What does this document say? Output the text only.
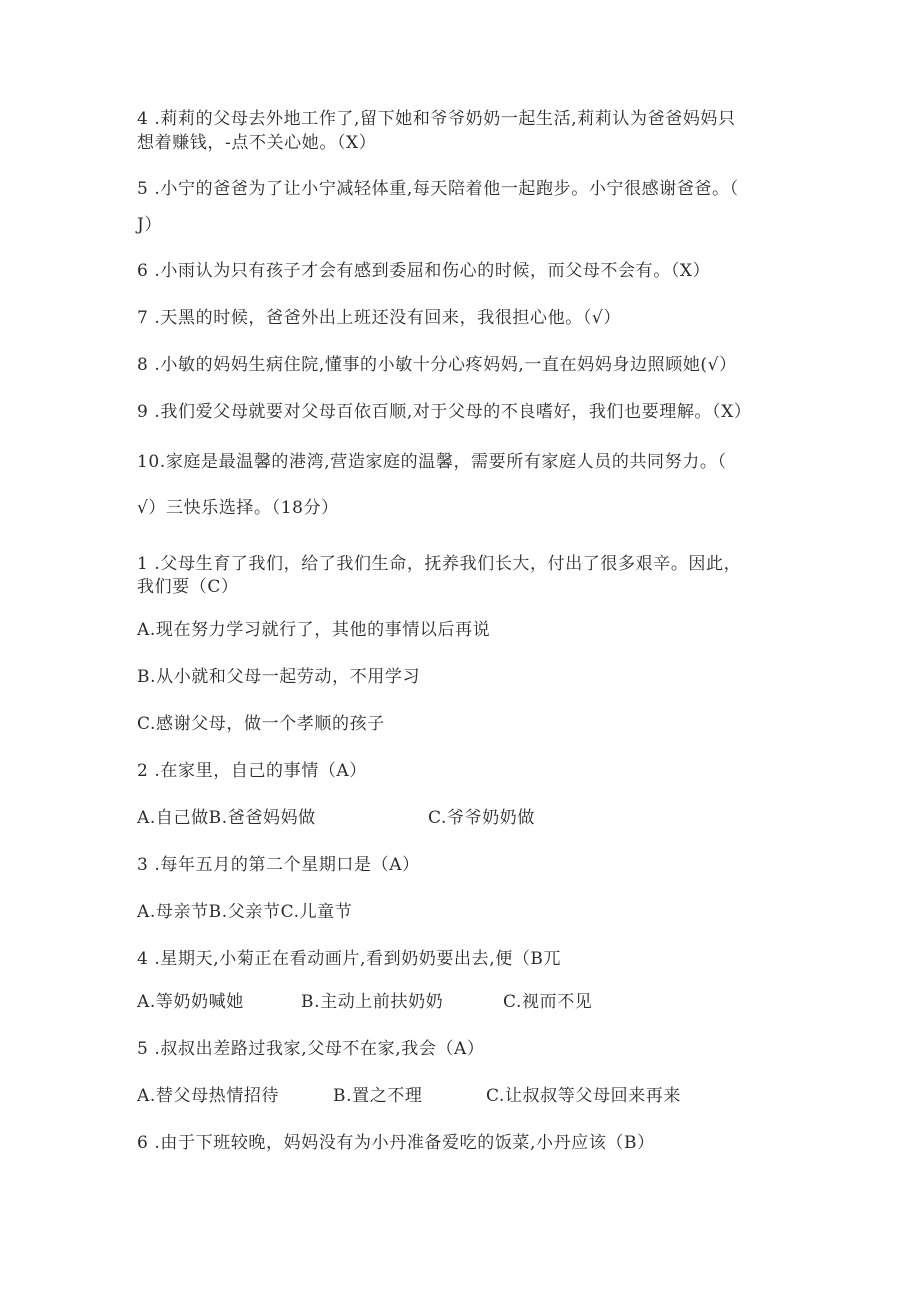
4 .莉莉的父母去外地工作了,留下她和爷爷奶奶一起生活,莉莉认为爸爸妈妈只
想着赚钱，-点不关心她。（X）
5 .小宁的爸爸为了让小宁减轻体重,每天陪着他一起跑步。小宁很感谢爸爸。（
J）
6 .小雨认为只有孩子才会有感到委屈和伤心的时候，而父母不会有。（X）
7 .天黑的时候，爸爸外出上班还没有回来，我很担心他。（√）
8 .小敏的妈妈生病住院,懂事的小敏十分心疼妈妈,一直在妈妈身边照顾她(√）
9 .我们爱父母就要对父母百依百顺,对于父母的不良嗜好，我们也要理解。（X）
10.家庭是最温馨的港湾,营造家庭的温馨，需要所有家庭人员的共同努力。（
√）三快乐选择。（18分）
1 .父母生育了我们，给了我们生命，抚养我们长大，付出了很多艰辛。因此，
我们要（C）
A.现在努力学习就行了，其他的事情以后再说
B.从小就和父母一起劳动，不用学习
C.感谢父母，做一个孝顺的孩子
2 .在家里，自己的事情（A）
A.自己做B.爸爸妈妈做	C.爷爷奶奶做
3 .每年五月的第二个星期口是（A）
A.母亲节B.父亲节C.儿童节
4 .星期天,小菊正在看动画片,看到奶奶要出去,便（B兀
A.等奶奶喊她	B.主动上前扶奶奶	C.视而不见
5 .叔叔出差路过我家,父母不在家,我会（A）
A.替父母热情招待	B.置之不理	C.让叔叔等父母回来再来
6 .由于下班较晚，妈妈没有为小丹准备爱吃的饭菜,小丹应该（B）
